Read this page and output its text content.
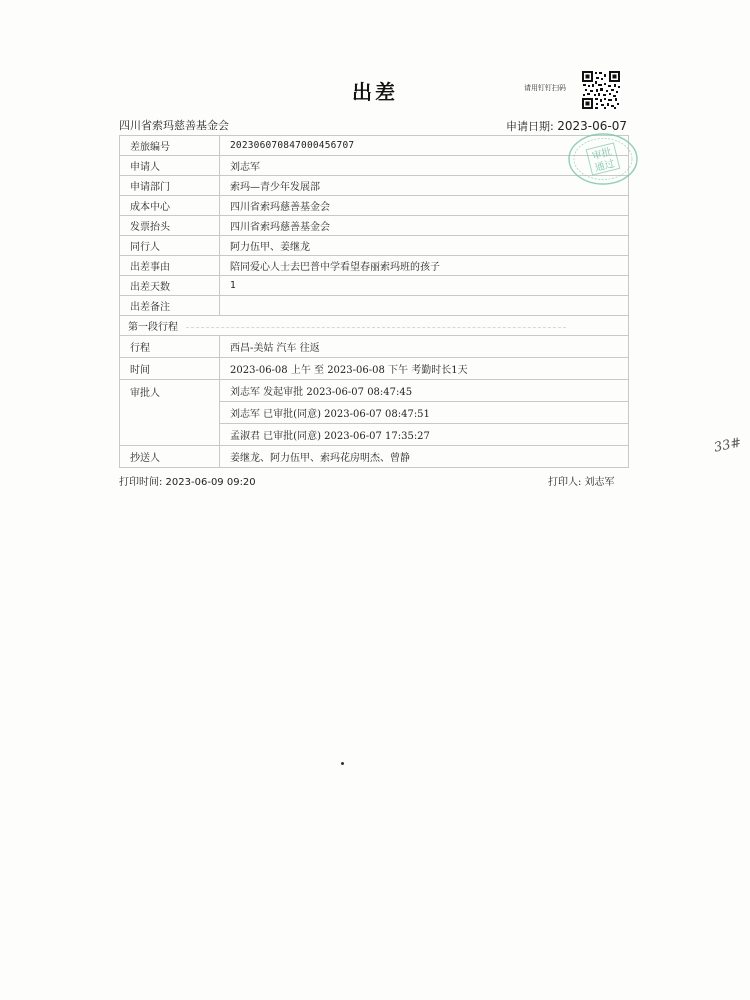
出差	请用钉钉扫码
四川省索玛慈善基金会	申请日期: 2023-06-07
差旅编号	202306070847000456707
申请人	刘志军
申请部门	索玛—青少年发展部
成本中心	四川省索玛慈善基金会
发票抬头	四川省索玛慈善基金会
同行人	阿力伍甲、姜继龙
出差事由	陪同爱心人士去巴普中学看望春丽索玛班的孩子
出差天数	1
出差备注	
第一段行程	
行程	西昌-美姑 汽车 往返
时间	2023-06-08 上午 至 2023-06-08 下午 考勤时长1天
审批人	刘志军 发起审批 2023-06-07 08:47:45
	刘志军 已审批(同意) 2023-06-07 08:47:51
	孟淑君 已审批(同意) 2023-06-07 17:35:27
抄送人	姜继龙、阿力伍甲、索玛花房明杰、曾静
审批
通过
打印时间: 2023-06-09 09:20	打印人: 刘志军
33#
